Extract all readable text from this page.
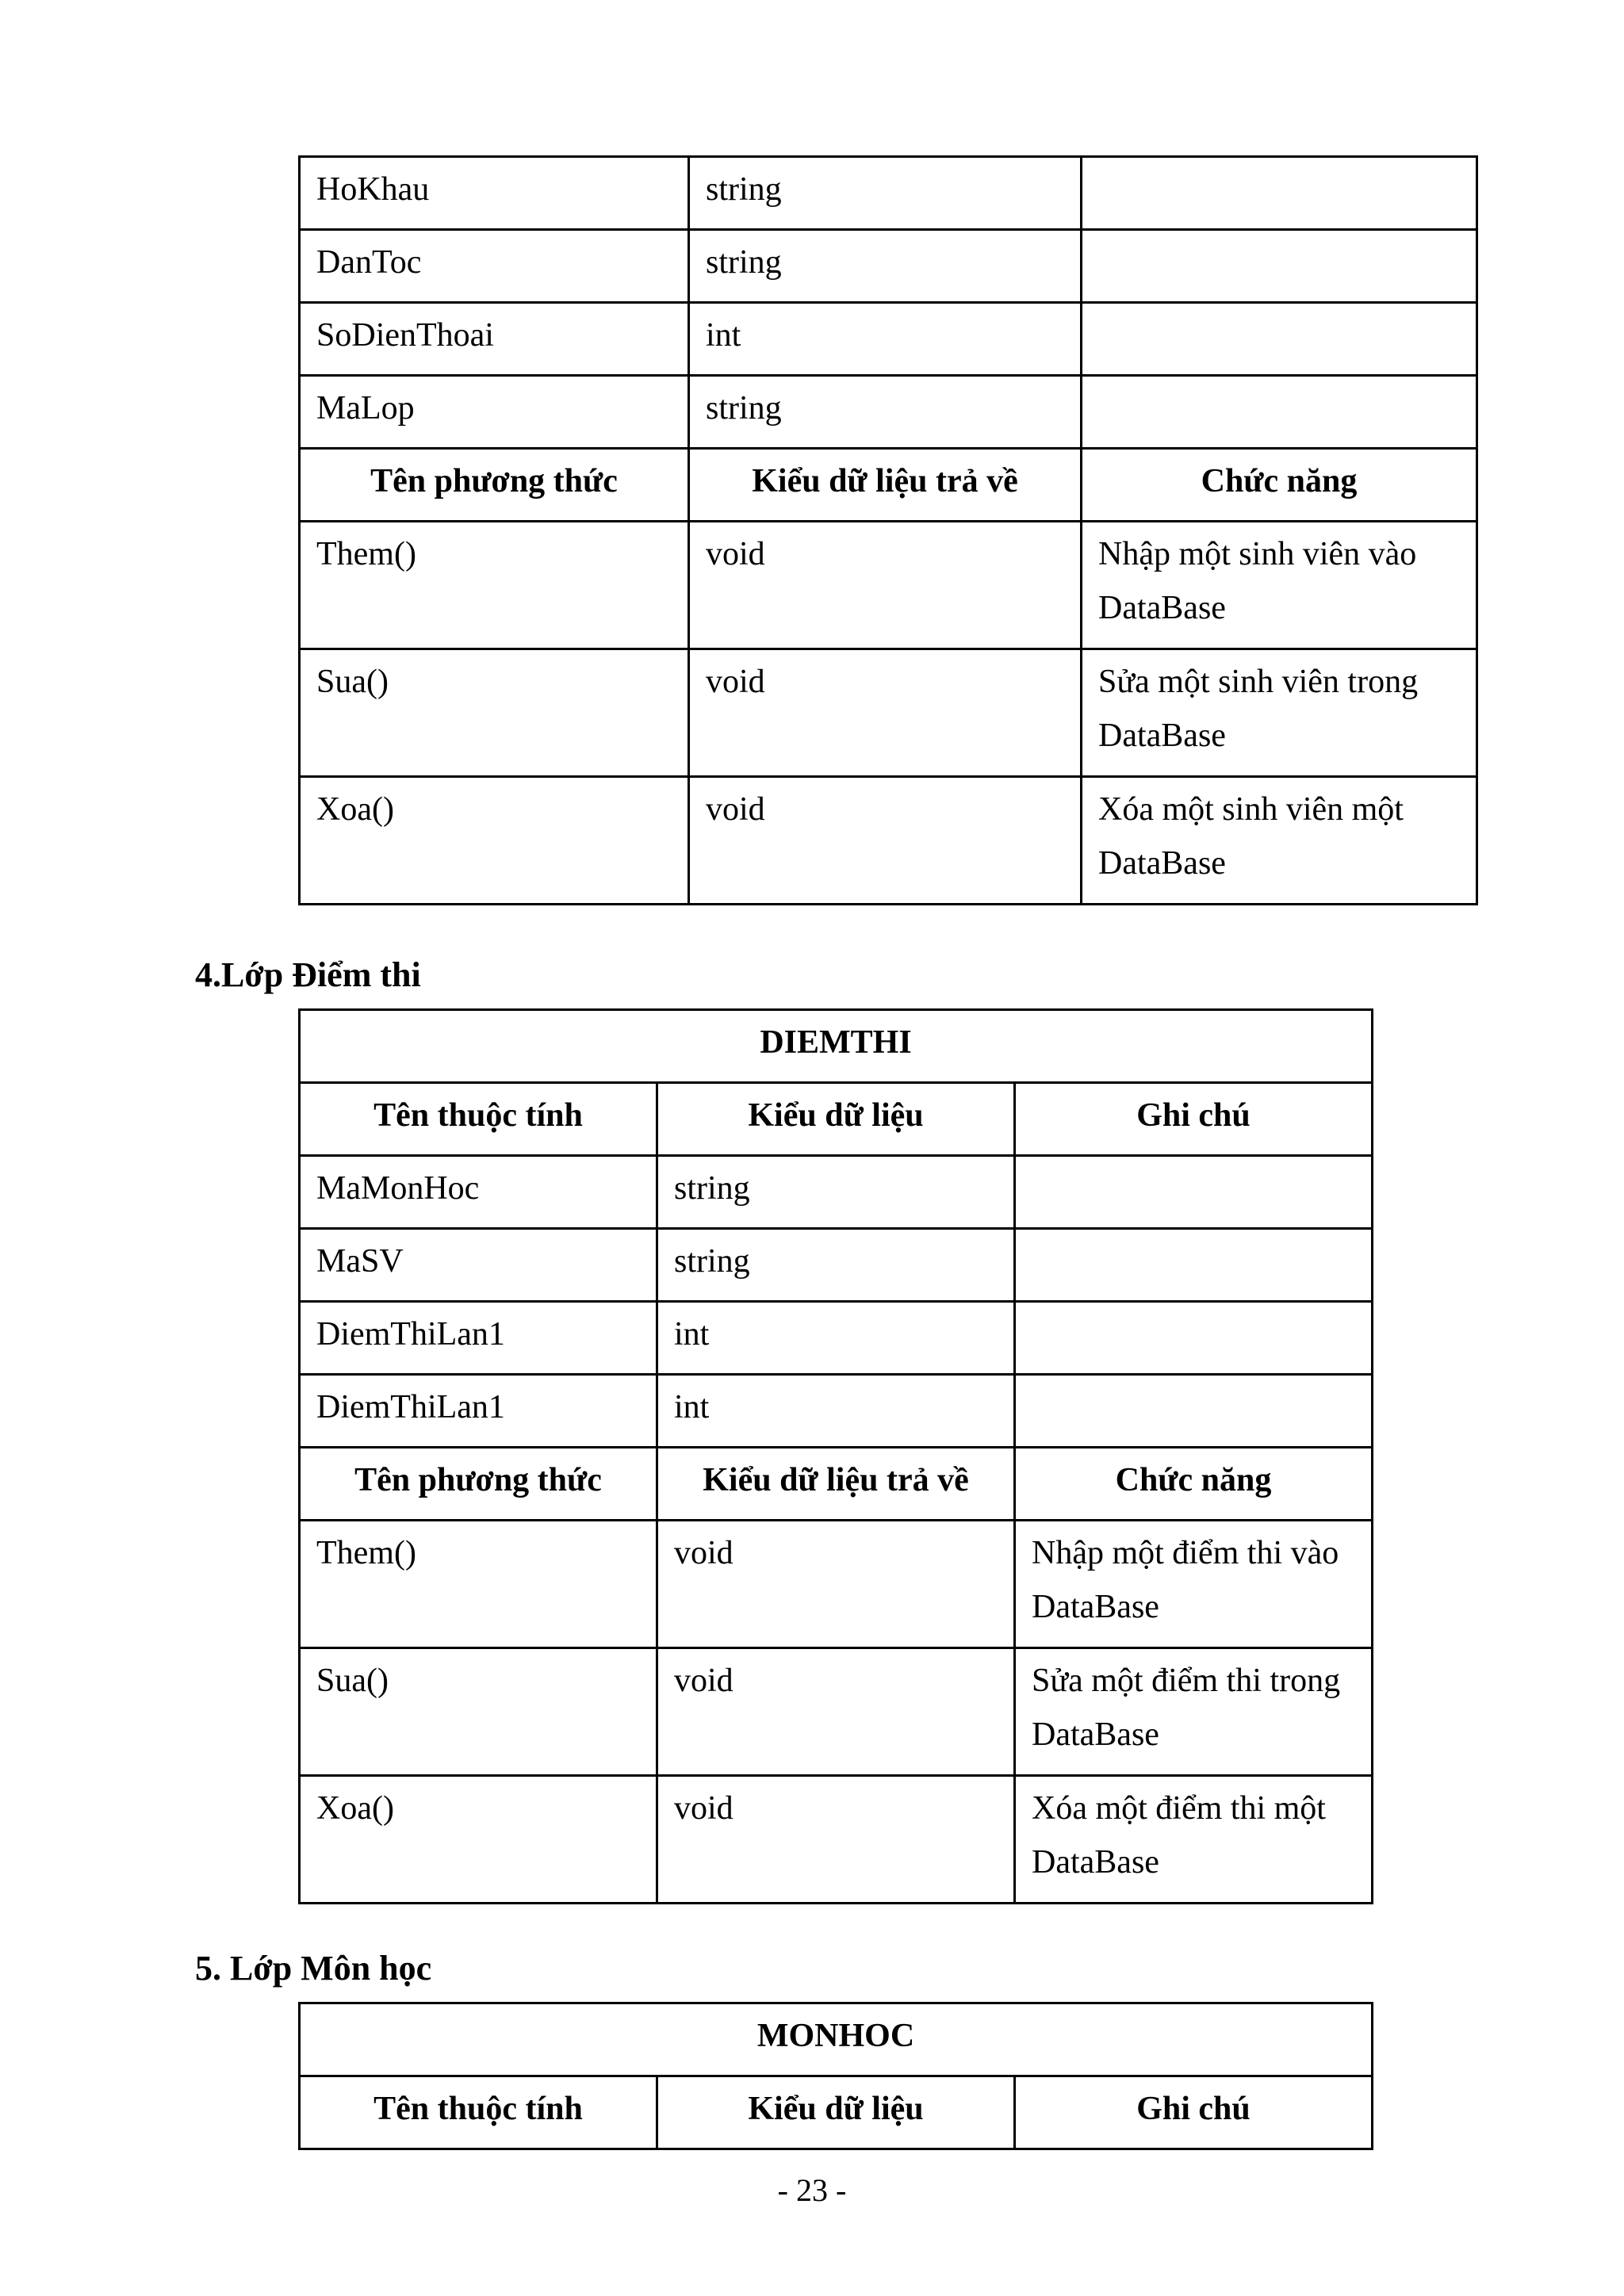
HoKhau	string	
DanToc	string	
SoDienThoai	int	
MaLop	string	
Tên phương thức	Kiểu dữ liệu trả về	Chức năng
Them()	void	Nhập một sinh viên vào DataBase
Sua()	void	Sửa một sinh viên trong DataBase
Xoa()	void	Xóa một sinh viên một DataBase
4.Lớp Điểm thi
DIEMTHI		
Tên thuộc tính	Kiểu dữ liệu	Ghi chú
MaMonHoc	string	
MaSV	string	
DiemThiLan1	int	
DiemThiLan1	int	
Tên phương thức	Kiểu dữ liệu trả về	Chức năng
Them()	void	Nhập một điểm thi vào DataBase
Sua()	void	Sửa một điểm thi trong DataBase
Xoa()	void	Xóa một điểm thi một DataBase
5. Lớp Môn học
MONHOC
Tên thuộc tính	Kiểu dữ liệu	Ghi chú
- 23 -
